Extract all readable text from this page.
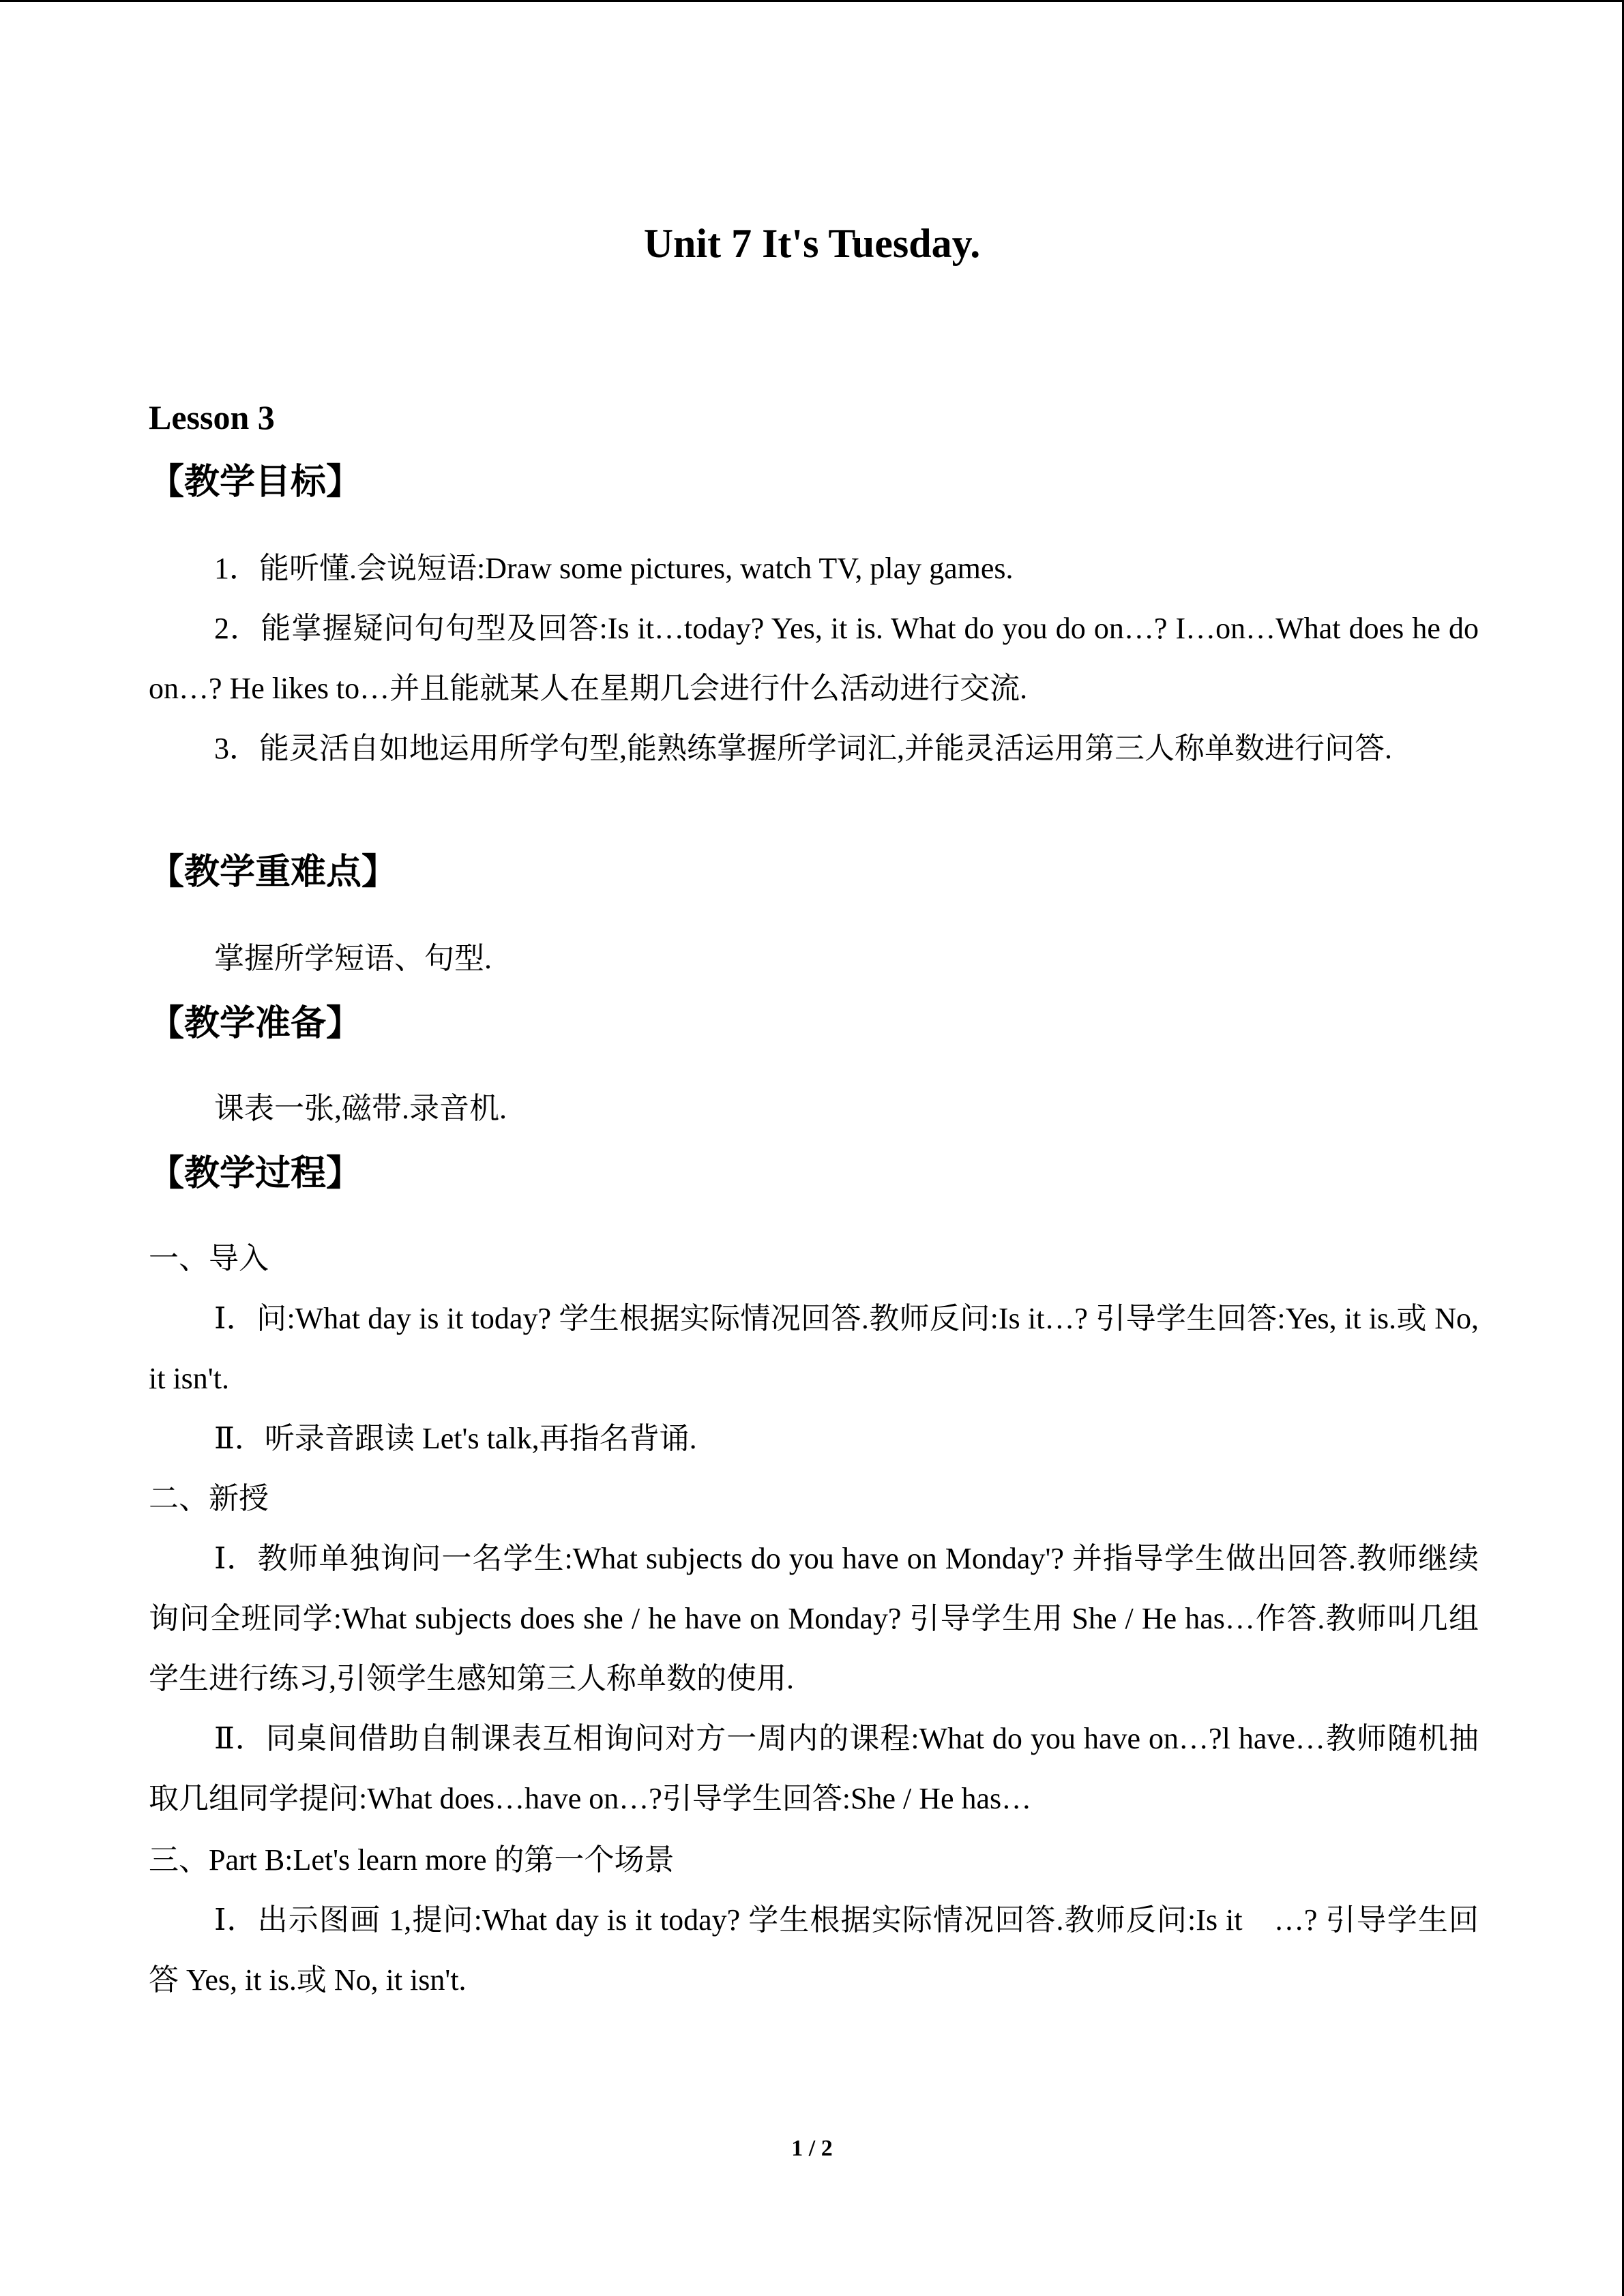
Unit 7 It's Tuesday.
Lesson 3
【教学目标】
1．能听懂.会说短语:Draw some pictures, watch TV, play games.
2．能掌握疑问句句型及回答:Is it…today? Yes, it is. What do you do on…? I…on…What does he do on…? He likes to…并且能就某人在星期几会进行什么活动进行交流.
3．能灵活自如地运用所学句型,能熟练掌握所学词汇,并能灵活运用第三人称单数进行问答.
【教学重难点】
掌握所学短语、句型.
【教学准备】
课表一张,磁带.录音机.
【教学过程】
一、导入
Ⅰ．问:What day is it today? 学生根据实际情况回答.教师反问:Is it…? 引导学生回答:Yes, it is.或 No, it isn't.
Ⅱ．听录音跟读 Let's talk,再指名背诵.
二、新授
Ⅰ．教师单独询问一名学生:What subjects do you have on Monday'? 并指导学生做出回答.教师继续询问全班同学:What subjects does she / he have on Monday? 引导学生用 She / He has…作答.教师叫几组学生进行练习,引领学生感知第三人称单数的使用.
Ⅱ．同桌间借助自制课表互相询问对方一周内的课程:What do you have on…?l have…教师随机抽取几组同学提问:What does…have on…?引导学生回答:She / He has…
三、Part B:Let's learn more 的第一个场景
Ⅰ．出示图画 1,提问:What day is it today? 学生根据实际情况回答.教师反问:Is it　…? 引导学生回答 Yes, it is.或 No, it isn't.
1 / 2
